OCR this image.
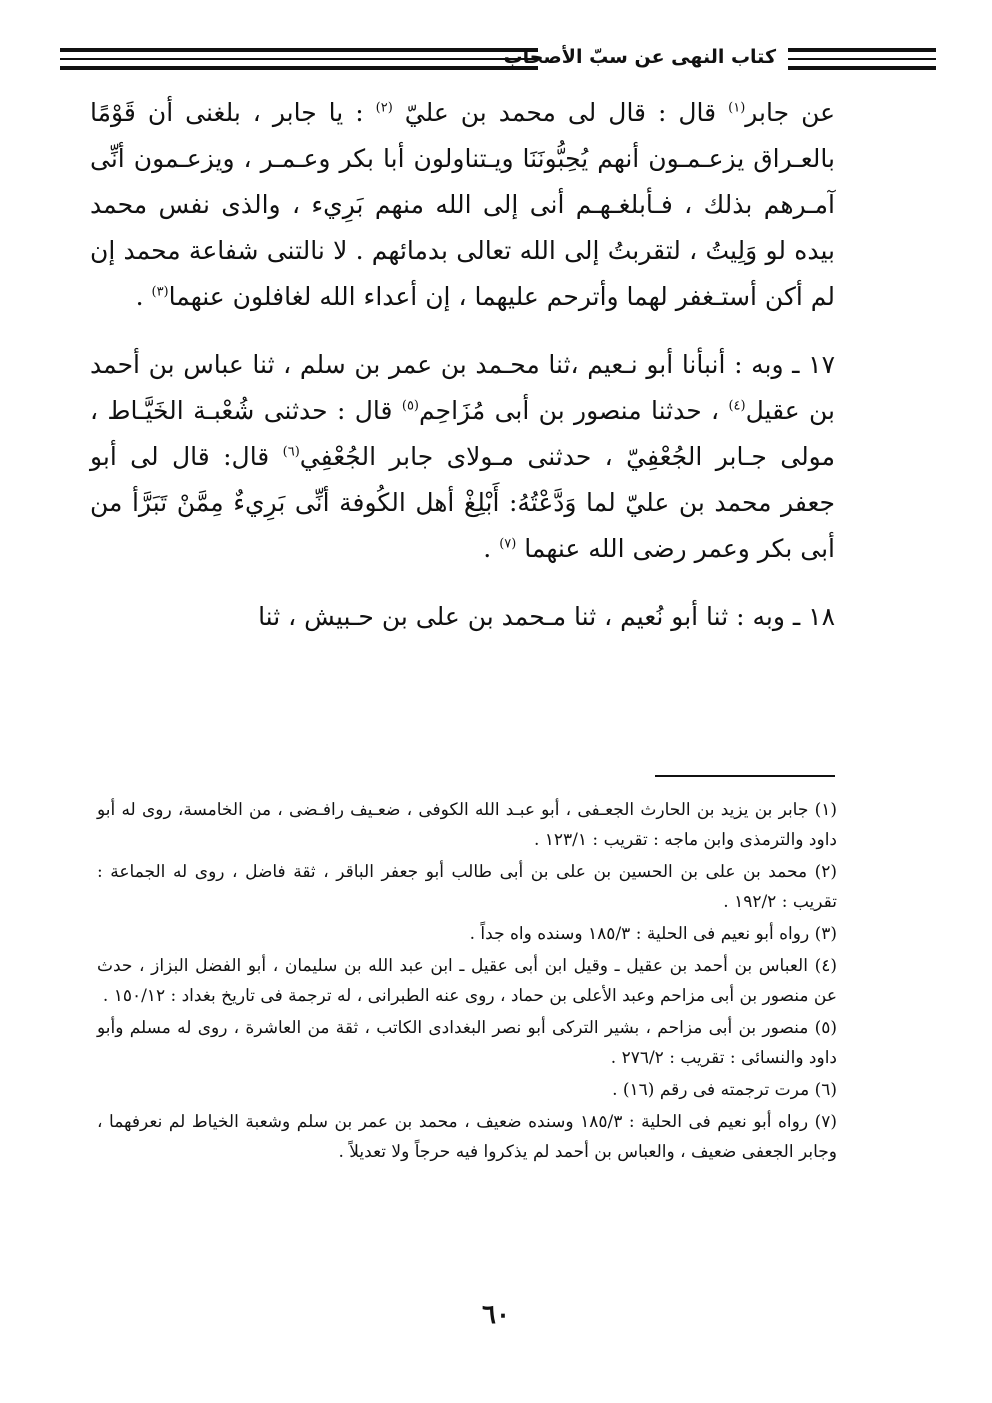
كتاب النهى عن سبّ الأصحاب

عن جابر$^{(١)}$ قال : قال لى محمد بن عليّ $^{(٢)}$ : يا جابر ، بلغنى أن قَوْمًا بالعـراق يزعـمـون أنهم يُحِبُّونَنَا ويـتناولون أبا بكر وعـمـر ، ويزعـمون أنِّى آمـرهم بذلك ، فـأبلغـهـم أنى إلى الله منهم بَرِيء ، والذى نفس محمد بيده لو وَلِيتُ ، لتقربتُ إلى الله تعالى بدمائهم . لا نالتنى شفاعة محمد إن لم أكن أستـغفر لهما وأترحم عليهما ، إن أعداء الله لغافلون عنهما$^{(٣)}$ .

١٧ ـ وبه : أنبأنا أبو نـعيم ،ثنا محـمد بن عمر بن سلم ، ثنا عباس بن أحمد بن عقيل$^{(٤)}$ ، حدثنا منصور بن أبى مُزَاحِم$^{(٥)}$ قال : حدثنى شُعْبـة الخَيَّـاط ، مولى جـابر الجُعْفِيّ ، حدثنى مـولاى جابر الجُعْفِي$^{(٦)}$ قال: قال لى أبو جعفر محمد بن عليّ لما وَدَّعْتُهُ: أَبْلِغْ أهل الكُوفة أنِّى بَرِيءٌ مِمَّنْ تَبَرَّأ من أبى بكر وعمر رضى الله عنهما $^{(٧)}$ .

١٨ ـ وبه : ثنا أبو نُعيم ، ثنا مـحمد بن على بن حـبيش ، ثنا

(١) جابر بن يزيد بن الحارث الجعـفى ، أبو عبـد الله الكوفى ، ضعـيف رافـضى ، من الخامسة، روى له أبو داود والترمذى وابن ماجه : تقريب : ١٢٣/١ .

(٢) محمد بن على بن الحسين بن على بن أبى طالب أبو جعفر الباقر ، ثقة فاضل ، روى له الجماعة : تقريب : ١٩٢/٢ .

(٣) رواه أبو نعيم فى الحلية : ١٨٥/٣ وسنده واه جداً .

(٤) العباس بن أحمد بن عقيل ـ وقيل ابن أبى عقيل ـ ابن عبد الله بن سليمان ، أبو الفضل البزاز ، حدث عن منصور بن أبى مزاحم وعبد الأعلى بن حماد ، روى عنه الطبرانى ، له ترجمة فى تاريخ بغداد : ١٥٠/١٢ .

(٥) منصور بن أبى مزاحم ، بشير التركى أبو نصر البغدادى الكاتب ، ثقة من العاشرة ، روى له مسلم وأبو داود والنسائى : تقريب : ٢٧٦/٢ .

(٦) مرت ترجمته فى رقم (١٦) .

(٧) رواه أبو نعيم فى الحلية : ١٨٥/٣ وسنده ضعيف ، محمد بن عمر بن سلم وشعبة الخياط لم نعرفهما ، وجابر الجعفى ضعيف ، والعباس بن أحمد لم يذكروا فيه حرجاً ولا تعديلاً .

٦٠
